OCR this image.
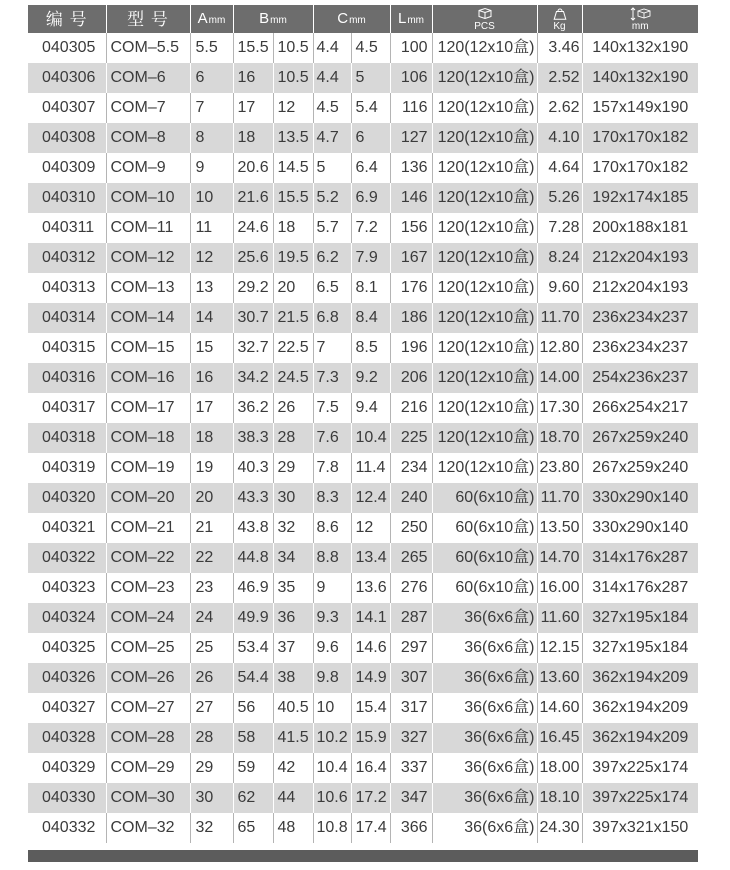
编 号	型 号	Amm	Bmm		Cmm		Lmm	PCS	Kg	mm

040305	COM–5.5	5.5	15.5	10.5	4.4	4.5	100	120(12x10盒)	3.46	140x132x190
040306	COM–6	6	16	10.5	4.4	5	106	120(12x10盒)	2.52	140x132x190
040307	COM–7	7	17	12	4.5	5.4	116	120(12x10盒)	2.62	157x149x190
040308	COM–8	8	18	13.5	4.7	6	127	120(12x10盒)	4.10	170x170x182
040309	COM–9	9	20.6	14.5	5	6.4	136	120(12x10盒)	4.64	170x170x182
040310	COM–10	10	21.6	15.5	5.2	6.9	146	120(12x10盒)	5.26	192x174x185
040311	COM–11	11	24.6	18	5.7	7.2	156	120(12x10盒)	7.28	200x188x181
040312	COM–12	12	25.6	19.5	6.2	7.9	167	120(12x10盒)	8.24	212x204x193
040313	COM–13	13	29.2	20	6.5	8.1	176	120(12x10盒)	9.60	212x204x193
040314	COM–14	14	30.7	21.5	6.8	8.4	186	120(12x10盒)	11.70	236x234x237
040315	COM–15	15	32.7	22.5	7	8.5	196	120(12x10盒)	12.80	236x234x237
040316	COM–16	16	34.2	24.5	7.3	9.2	206	120(12x10盒)	14.00	254x236x237
040317	COM–17	17	36.2	26	7.5	9.4	216	120(12x10盒)	17.30	266x254x217
040318	COM–18	18	38.3	28	7.6	10.4	225	120(12x10盒)	18.70	267x259x240
040319	COM–19	19	40.3	29	7.8	11.4	234	120(12x10盒)	23.80	267x259x240
040320	COM–20	20	43.3	30	8.3	12.4	240	60(6x10盒)	11.70	330x290x140
040321	COM–21	21	43.8	32	8.6	12	250	60(6x10盒)	13.50	330x290x140
040322	COM–22	22	44.8	34	8.8	13.4	265	60(6x10盒)	14.70	314x176x287
040323	COM–23	23	46.9	35	9	13.6	276	60(6x10盒)	16.00	314x176x287
040324	COM–24	24	49.9	36	9.3	14.1	287	36(6x6盒)	11.60	327x195x184
040325	COM–25	25	53.4	37	9.6	14.6	297	36(6x6盒)	12.15	327x195x184
040326	COM–26	26	54.4	38	9.8	14.9	307	36(6x6盒)	13.60	362x194x209
040327	COM–27	27	56	40.5	10	15.4	317	36(6x6盒)	14.60	362x194x209
040328	COM–28	28	58	41.5	10.2	15.9	327	36(6x6盒)	16.45	362x194x209
040329	COM–29	29	59	42	10.4	16.4	337	36(6x6盒)	18.00	397x225x174
040330	COM–30	30	62	44	10.6	17.2	347	36(6x6盒)	18.10	397x225x174
040332	COM–32	32	65	48	10.8	17.4	366	36(6x6盒)	24.30	397x321x150
